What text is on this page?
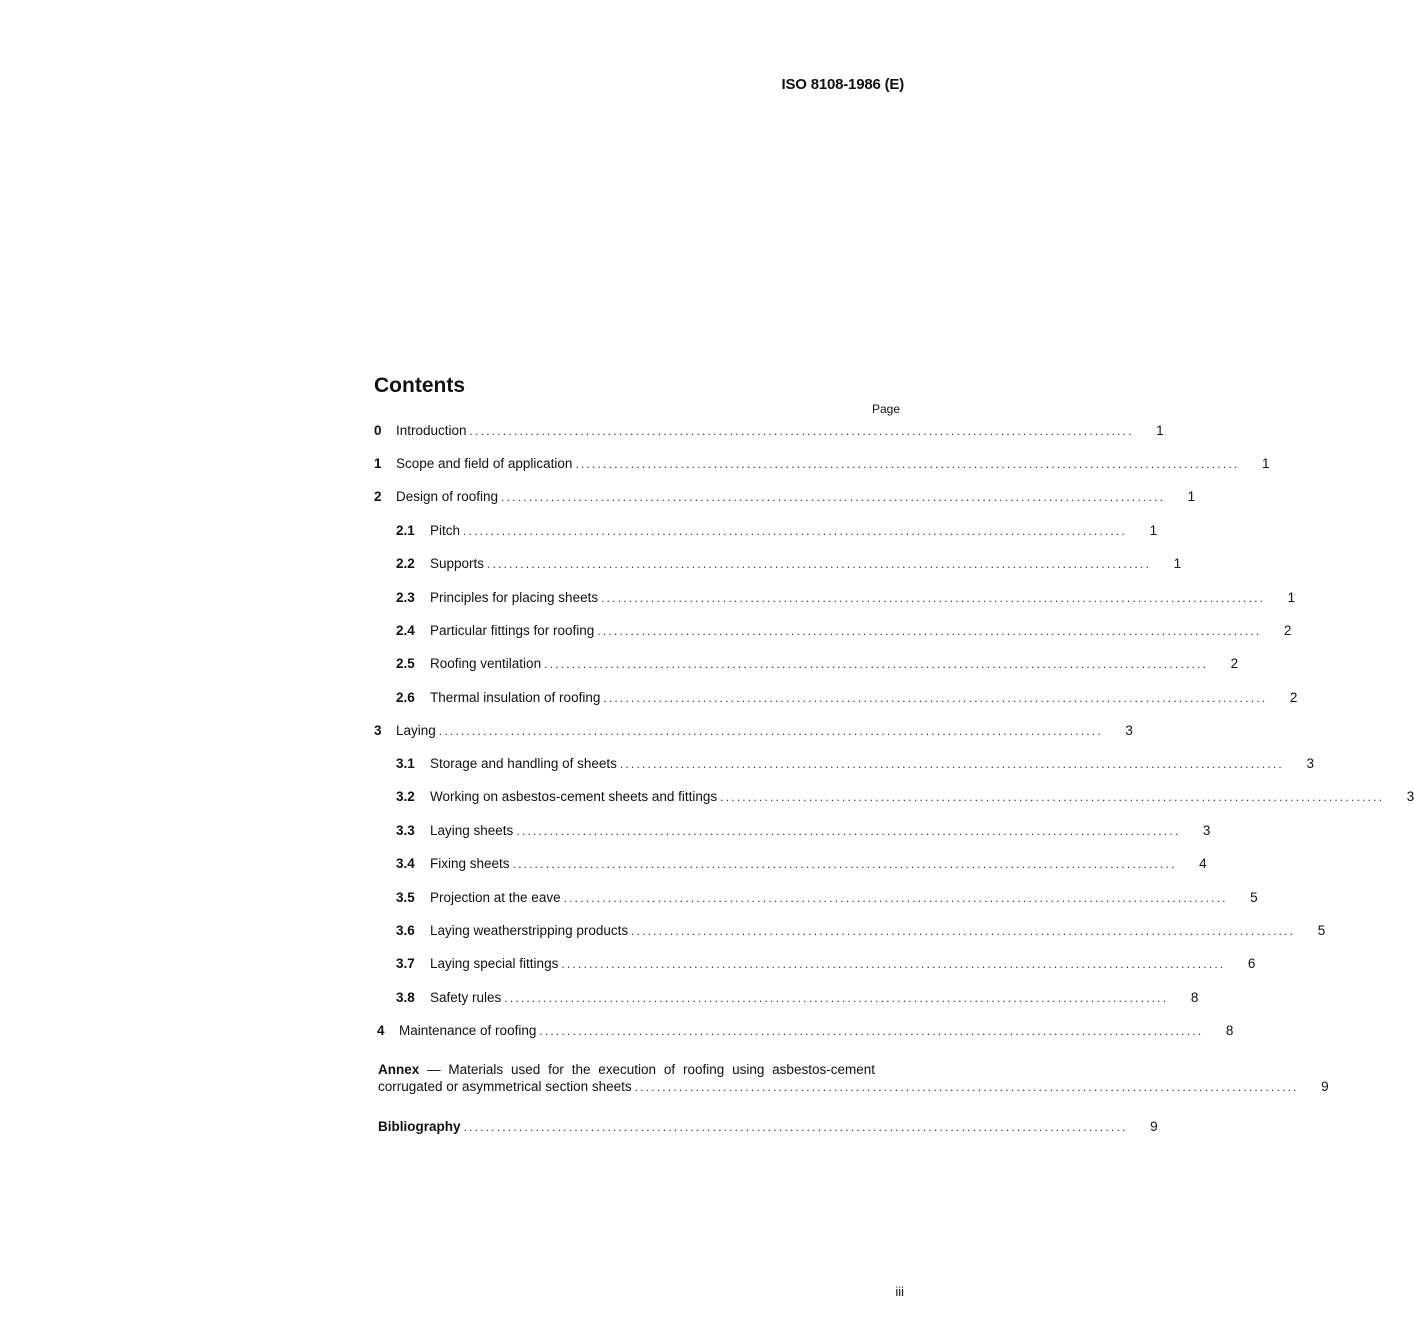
ISO 8108-1986 (E)
Contents
Page
0	Introduction ........................................................................................................................	1
1	Scope and field of application ........................................................................................................................	1
2	Design of roofing ........................................................................................................................	1
2.1	Pitch ........................................................................................................................	1
2.2	Supports ........................................................................................................................	1
2.3	Principles for placing sheets ........................................................................................................................	1
2.4	Particular fittings for roofing ........................................................................................................................	2
2.5	Roofing ventilation ........................................................................................................................	2
2.6	Thermal insulation of roofing ........................................................................................................................	2
3	Laying ........................................................................................................................	3
3.1	Storage and handling of sheets ........................................................................................................................	3
3.2	Working on asbestos-cement sheets and fittings ........................................................................................................................	3
3.3	Laying sheets ........................................................................................................................	3
3.4	Fixing sheets ........................................................................................................................	4
3.5	Projection at the eave ........................................................................................................................	5
3.6	Laying weatherstripping products ........................................................................................................................	5
3.7	Laying special fittings ........................................................................................................................	6
3.8	Safety rules ........................................................................................................................	8
4	Maintenance of roofing ........................................................................................................................	8
Annex — Materials used for the execution of roofing using asbestos-cement
corrugated or asymmetrical section sheets ........................................................................................................................	9
Bibliography ........................................................................................................................	9
iii
